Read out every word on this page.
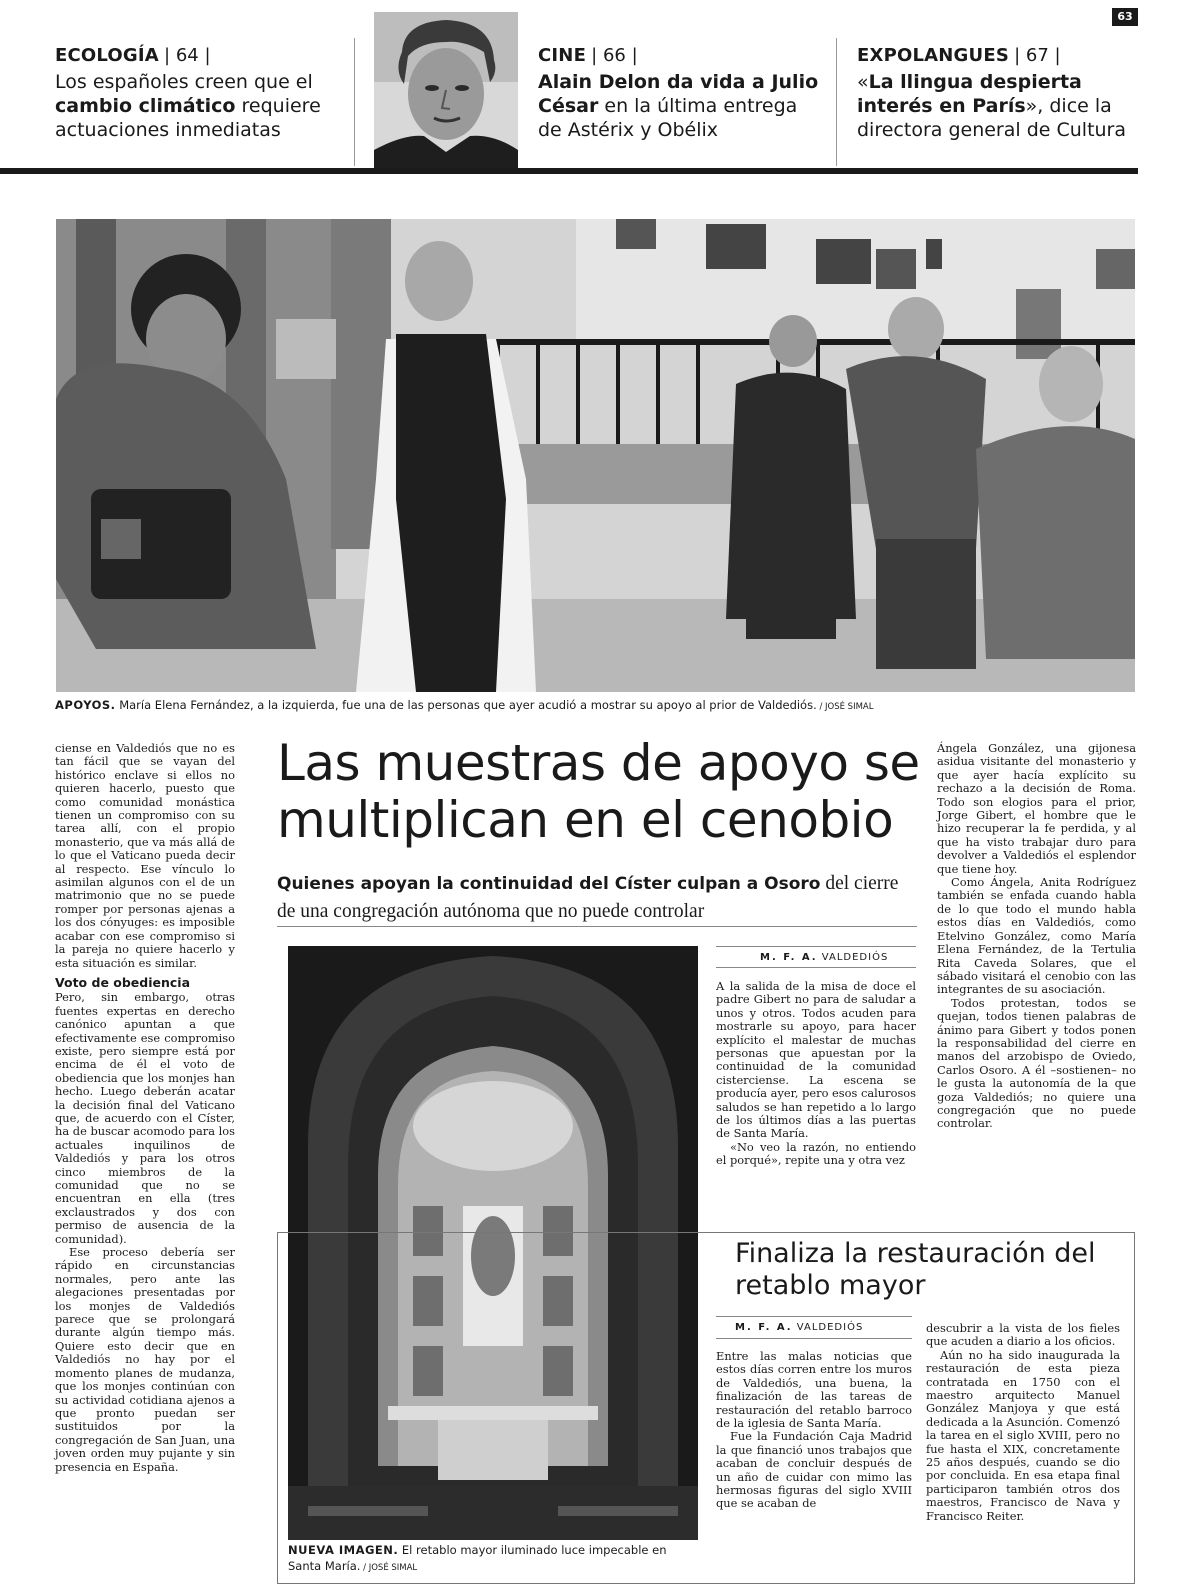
63
ECOLOGÍA | 64 |
Los españoles creen que el cambio climático requiere actuaciones inmediatas
CINE | 66 |
Alain Delon da vida a Julio César en la última entrega de Astérix y Obélix
EXPOLANGUES | 67 |
«La llingua despierta interés en París», dice la directora general de Cultura
APOYOS. María Elena Fernández, a la izquierda, fue una de las personas que ayer acudió a mostrar su apoyo al prior de Valdediós. / JOSÉ SIMAL

ciense en Valdediós que no es tan fácil que se vayan del histórico enclave si ellos no quieren hacerlo, puesto que como comunidad monástica tienen un compromiso con su tarea allí, con el propio monasterio, que va más allá de lo que el Vaticano pueda decir al respecto. Ese vínculo lo asimilan algunos con el de un matrimonio que no se puede romper por personas ajenas a los dos cónyuges: es imposible acabar con ese compromiso si la pareja no quiere hacerlo y esta situación es similar.

Voto de obediencia

Pero, sin embargo, otras fuentes expertas en derecho canónico apuntan a que efectivamente ese compromiso existe, pero siempre está por encima de él el voto de obediencia que los monjes han hecho. Luego deberán acatar la decisión final del Vaticano que, de acuerdo con el Císter, ha de buscar acomodo para los actuales inquilinos de Valdediós y para los otros cinco miembros de la comunidad que no se encuentran en ella (tres exclaustrados y dos con permiso de ausencia de la comunidad).

Ese proceso debería ser rápido en circunstancias normales, pero ante las alegaciones presentadas por los monjes de Valdediós parece que se prolongará durante algún tiempo más. Quiere esto decir que en Valdediós no hay por el momento planes de mudanza, que los monjes continúan con su actividad cotidiana ajenos a que pronto puedan ser sustituidos por la congregación de San Juan, una joven orden muy pujante y sin presencia en España.

Las muestras de apoyo se multiplican en el cenobio
Quienes apoyan la continuidad del Císter culpan a Osoro del cierre de una congregación autónoma que no puede controlar
M. F. A. VALDEDIÓS

A la salida de la misa de doce el padre Gibert no para de saludar a unos y otros. Todos acuden para mostrarle su apoyo, para hacer explícito el malestar de muchas personas que apuestan por la continuidad de la comunidad cisterciense. La escena se producía ayer, pero esos calurosos saludos se han repetido a lo largo de los últimos días a las puertas de Santa María.

«No veo la razón, no entiendo el porqué», repite una y otra vez

Ángela González, una gijonesa asidua visitante del monasterio y que ayer hacía explícito su rechazo a la decisión de Roma. Todo son elogios para el prior, Jorge Gibert, el hombre que le hizo recuperar la fe perdida, y al que ha visto trabajar duro para devolver a Valdediós el esplendor que tiene hoy.

Como Ángela, Anita Rodríguez también se enfada cuando habla de lo que todo el mundo habla estos días en Valdediós, como Etelvino González, como María Elena Fernández, de la Tertulia Rita Caveda Solares, que el sábado visitará el cenobio con las integrantes de su asociación.

Todos protestan, todos se quejan, todos tienen palabras de ánimo para Gibert y todos ponen la responsabilidad del cierre en manos del arzobispo de Oviedo, Carlos Osoro. A él –sostienen– no le gusta la autonomía de la que goza Valdediós; no quiere una congregación que no puede controlar.

Finaliza la restauración del retablo mayor
M. F. A. VALDEDIÓS

Entre las malas noticias que estos días corren entre los muros de Valdediós, una buena, la finalización de las tareas de restauración del retablo barroco de la iglesia de Santa María.

Fue la Fundación Caja Madrid la que financió unos trabajos que acaban de concluir después de un año de cuidar con mimo las hermosas figuras del siglo XVIII que se acaban de

descubrir a la vista de los fieles que acuden a diario a los oficios.

Aún no ha sido inaugurada la restauración de esta pieza contratada en 1750 con el maestro arquitecto Manuel González Manjoya y que está dedicada a la Asunción. Comenzó la tarea en el siglo XVIII, pero no fue hasta el XIX, concretamente 25 años después, cuando se dio por concluida. En esa etapa final participaron también otros dos maestros, Francisco de Nava y Francisco Reiter.

NUEVA IMAGEN. El retablo mayor iluminado luce impecable en Santa María. / JOSÉ SIMAL
